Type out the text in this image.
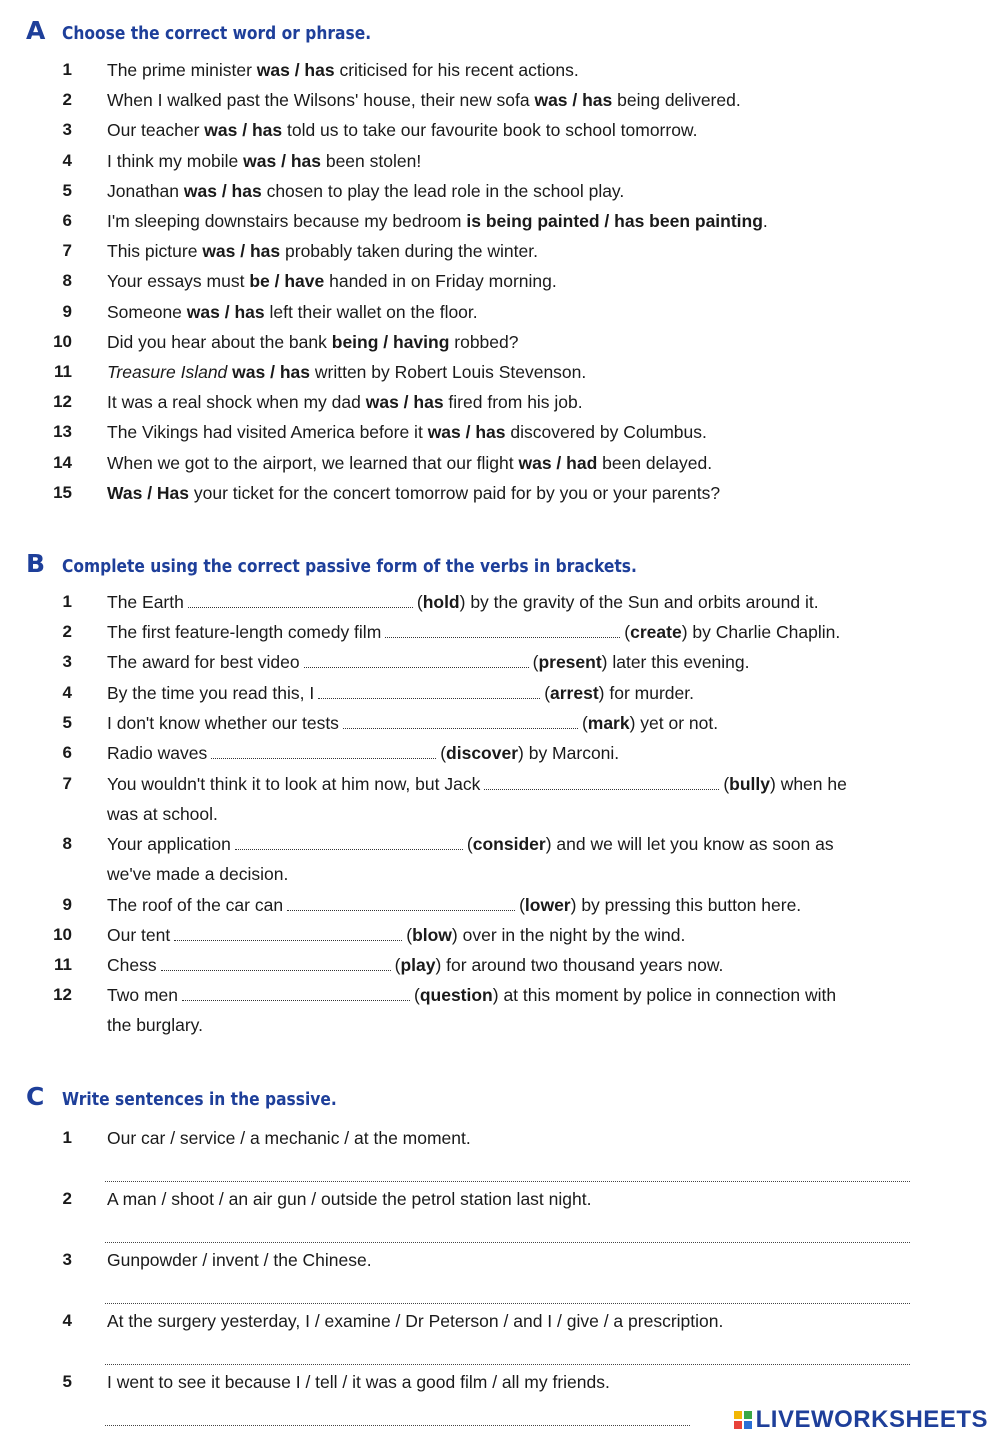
A Choose the correct word or phrase.
1 The prime minister was / has criticised for his recent actions.
2 When I walked past the Wilsons' house, their new sofa was / has being delivered.
3 Our teacher was / has told us to take our favourite book to school tomorrow.
4 I think my mobile was / has been stolen!
5 Jonathan was / has chosen to play the lead role in the school play.
6 I'm sleeping downstairs because my bedroom is being painted / has been painting.
7 This picture was / has probably taken during the winter.
8 Your essays must be / have handed in on Friday morning.
9 Someone was / has left their wallet on the floor.
10 Did you hear about the bank being / having robbed?
11 Treasure Island was / has written by Robert Louis Stevenson.
12 It was a real shock when my dad was / has fired from his job.
13 The Vikings had visited America before it was / has discovered by Columbus.
14 When we got to the airport, we learned that our flight was / had been delayed.
15 Was / Has your ticket for the concert tomorrow paid for by you or your parents?
B Complete using the correct passive form of the verbs in brackets.
1 The Earth	(hold) by the gravity of the Sun and orbits around it.
2 The first feature-length comedy film	(create) by Charlie Chaplin.
3 The award for best video	(present) later this evening.
4 By the time you read this, I	(arrest) for murder.
5 I don't know whether our tests	(mark) yet or not.
6 Radio waves	(discover) by Marconi.
7 You wouldn't think it to look at him now, but Jack	(bully) when he
was at school.
8 Your application	(consider) and we will let you know as soon as
we've made a decision.
9 The roof of the car can	(lower) by pressing this button here.
10 Our tent	(blow) over in the night by the wind.
11 Chess	(play) for around two thousand years now.
12 Two men	(question) at this moment by police in connection with
the burglary.
C Write sentences in the passive.
1 Our car / service / a mechanic / at the moment.
2 A man / shoot / an air gun / outside the petrol station last night.
3 Gunpowder / invent / the Chinese.
4 At the surgery yesterday, I / examine / Dr Peterson / and I / give / a prescription.
5 I went to see it because I / tell / it was a good film / all my friends.
LIVEWORKSHEETS
